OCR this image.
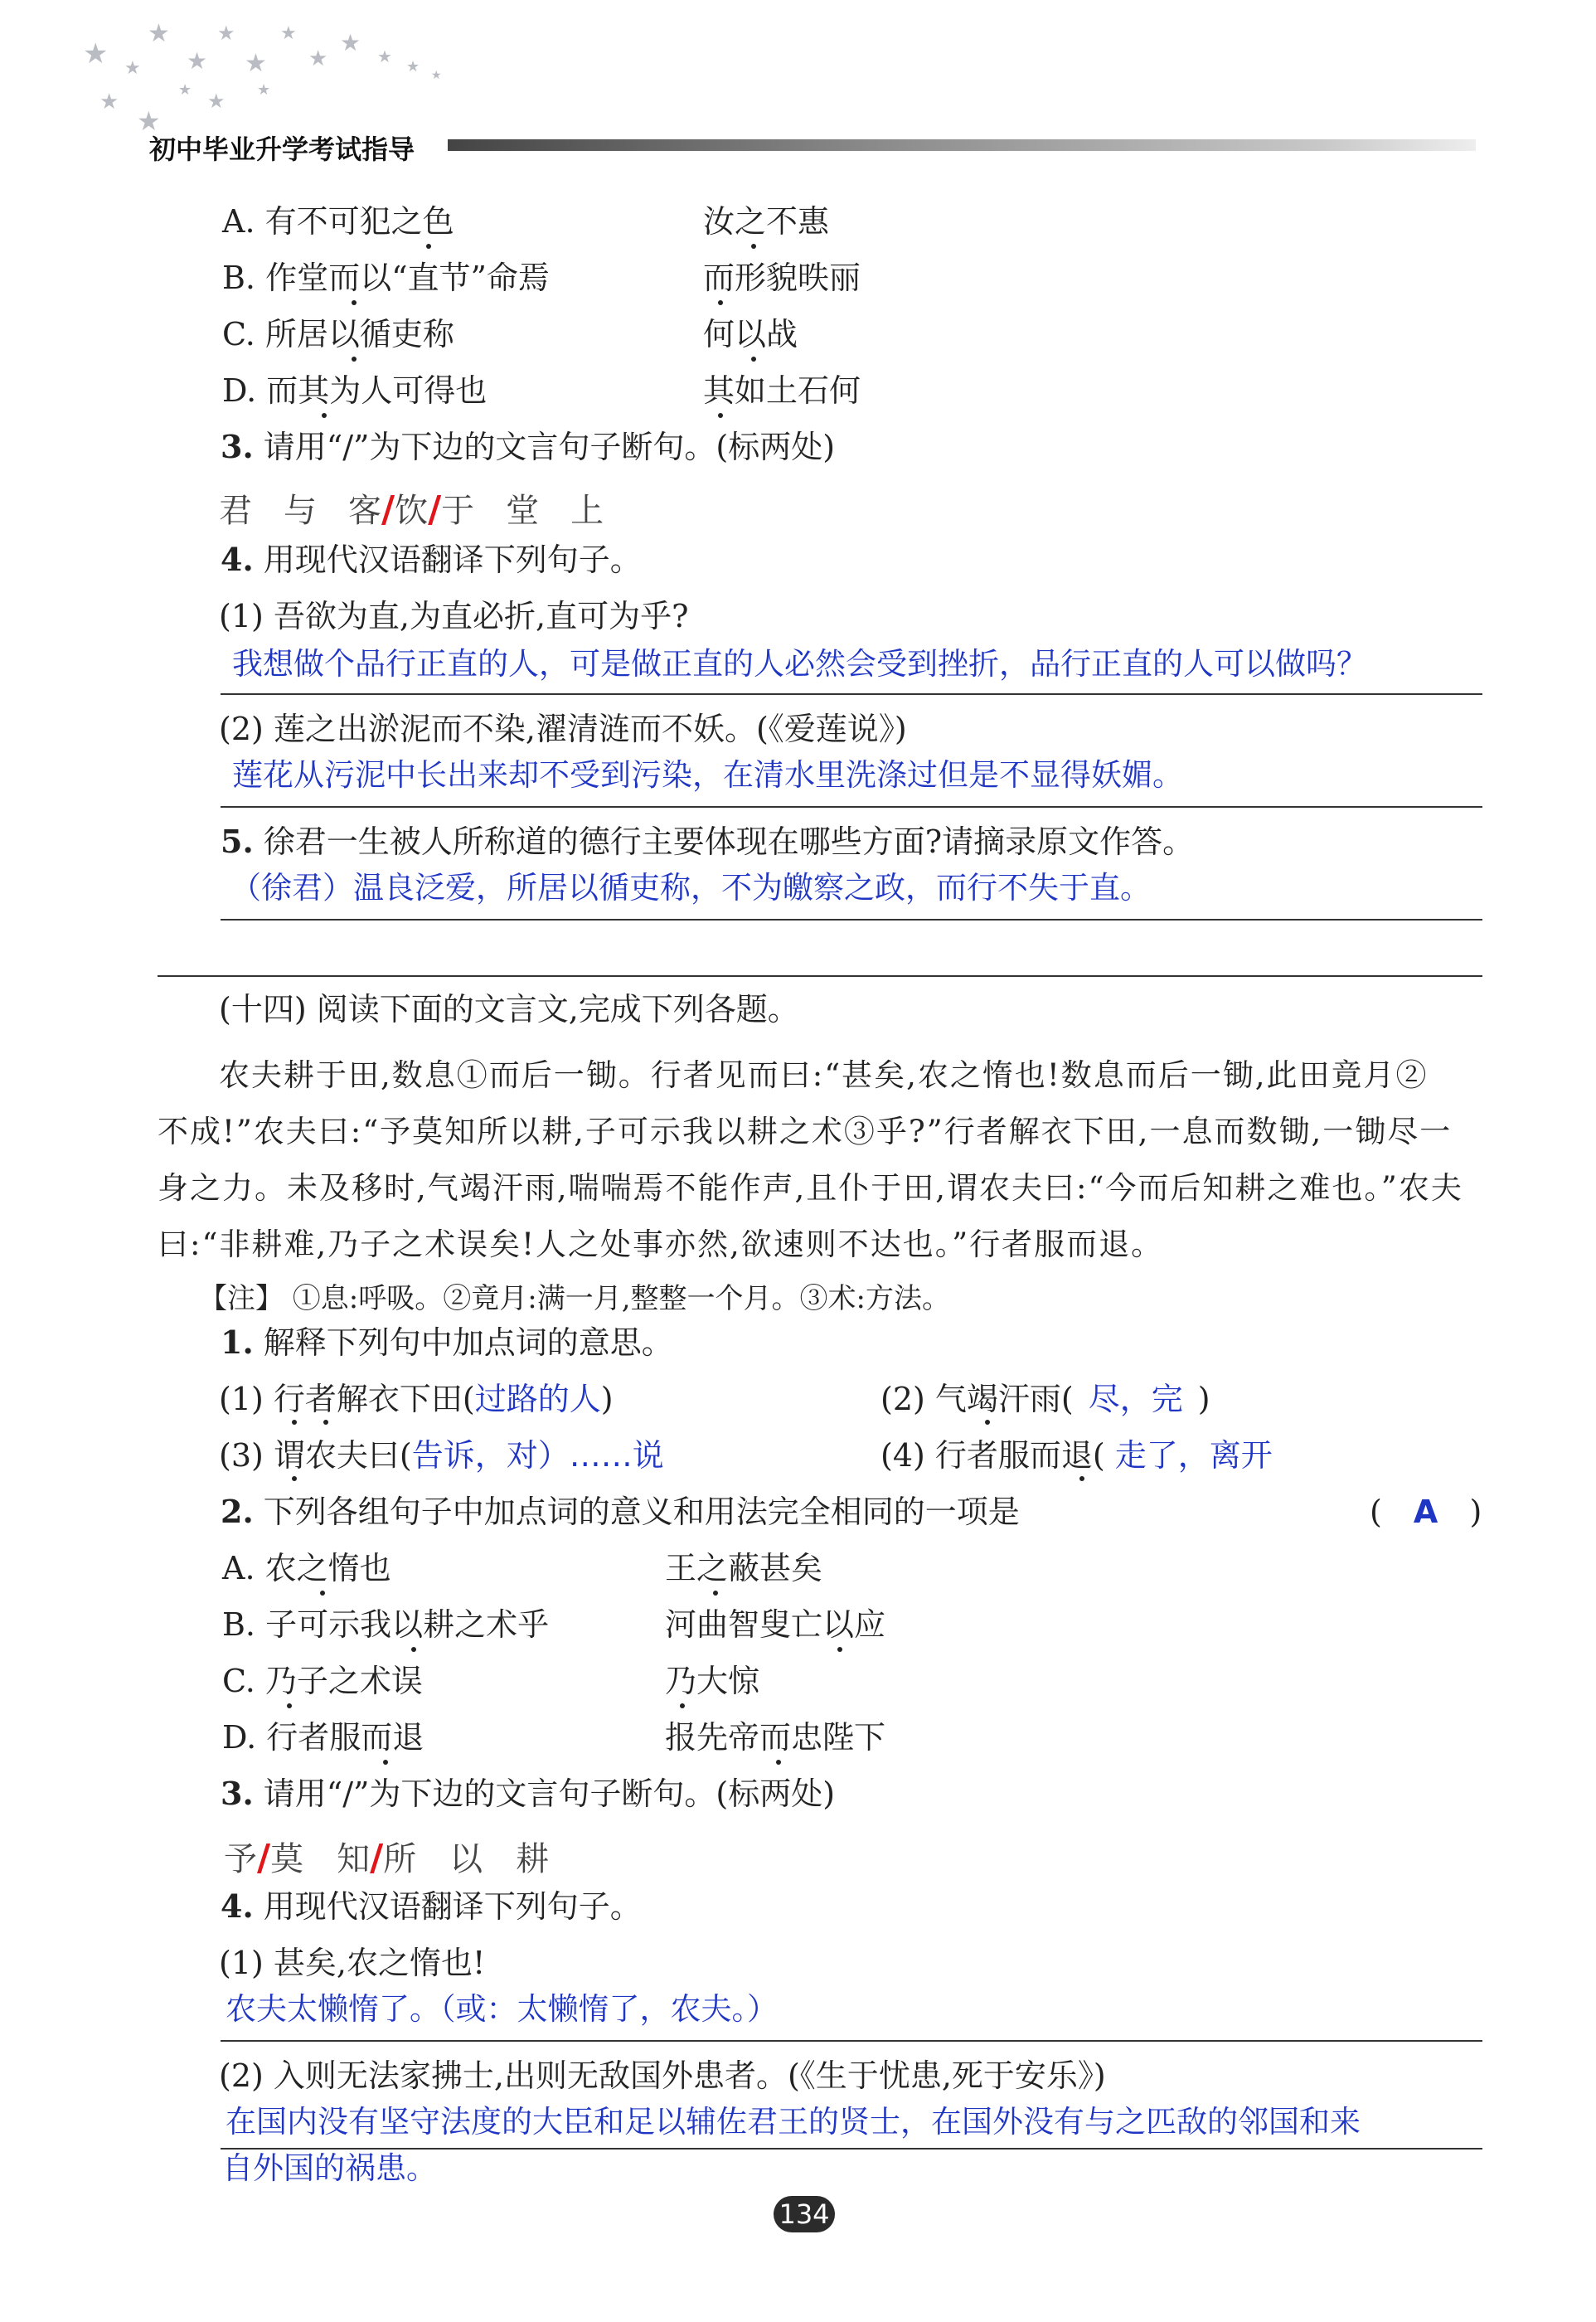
★ ★
★
★
★
★
★
★
★ ★
★ ★
★
★
★ ★ ★
初中毕业升学考试指导
A. 有不可犯之色	汝之不惠
B. 作堂而以“直节”命焉	而形貌昳丽
C. 所居以循吏称	何以战
D. 而其为人可得也	其如土石何
3. 请用“/”为下边的文言句子断句。(标两处)
君 与 客/饮/于 堂 上
4. 用现代汉语翻译下列句子。
(1) 吾欲为直,为直必折,直可为乎?
我想做个品行正直的人，可是做正直的人必然会受到挫折，品行正直的人可以做吗？
(2) 莲之出淤泥而不染,濯清涟而不妖。(《爱莲说》)
莲花从污泥中长出来却不受到污染，在清水里洗涤过但是不显得妖媚。
5. 徐君一生被人所称道的德行主要体现在哪些方面?请摘录原文作答。
（徐君）温良泛爱，所居以循吏称，不为皦察之政，而行不失于直。
(十四) 阅读下面的文言文,完成下列各题。
农夫耕于田,数息①而后一锄。行者见而曰:“甚矣,农之惰也!数息而后一锄,此田竟月②
不成!”农夫曰:“予莫知所以耕,子可示我以耕之术③乎?”行者解衣下田,一息而数锄,一锄尽一
身之力。未及移时,气竭汗雨,喘喘焉不能作声,且仆于田,谓农夫曰:“今而后知耕之难也。”农夫
曰:“非耕难,乃子之术误矣!人之处事亦然,欲速则不达也。”行者服而退。
【注】 ①息:呼吸。②竟月:满一月,整整一个月。③术:方法。
1. 解释下列句中加点词的意思。
(1) 行者解衣下田(过路的人)	(2) 气竭汗雨( 尽，完 )
(3) 谓农夫曰(告诉，对）……说	(4) 行者服而退( 走了，离开
2. 下列各组句子中加点词的意义和用法完全相同的一项是	( A )
A. 农之惰也	王之蔽甚矣
B. 子可示我以耕之术乎	河曲智叟亡以应
C. 乃子之术误	乃大惊
D. 行者服而退	报先帝而忠陛下
3. 请用“/”为下边的文言句子断句。(标两处)
予/莫 知/所 以 耕
4. 用现代汉语翻译下列句子。
(1) 甚矣,农之惰也!
农夫太懒惰了。（或：太懒惰了，农夫。）
(2) 入则无法家拂士,出则无敌国外患者。(《生于忧患,死于安乐》)
在国内没有坚守法度的大臣和足以辅佐君王的贤士，在国外没有与之匹敌的邻国和来
自外国的祸患。
134
